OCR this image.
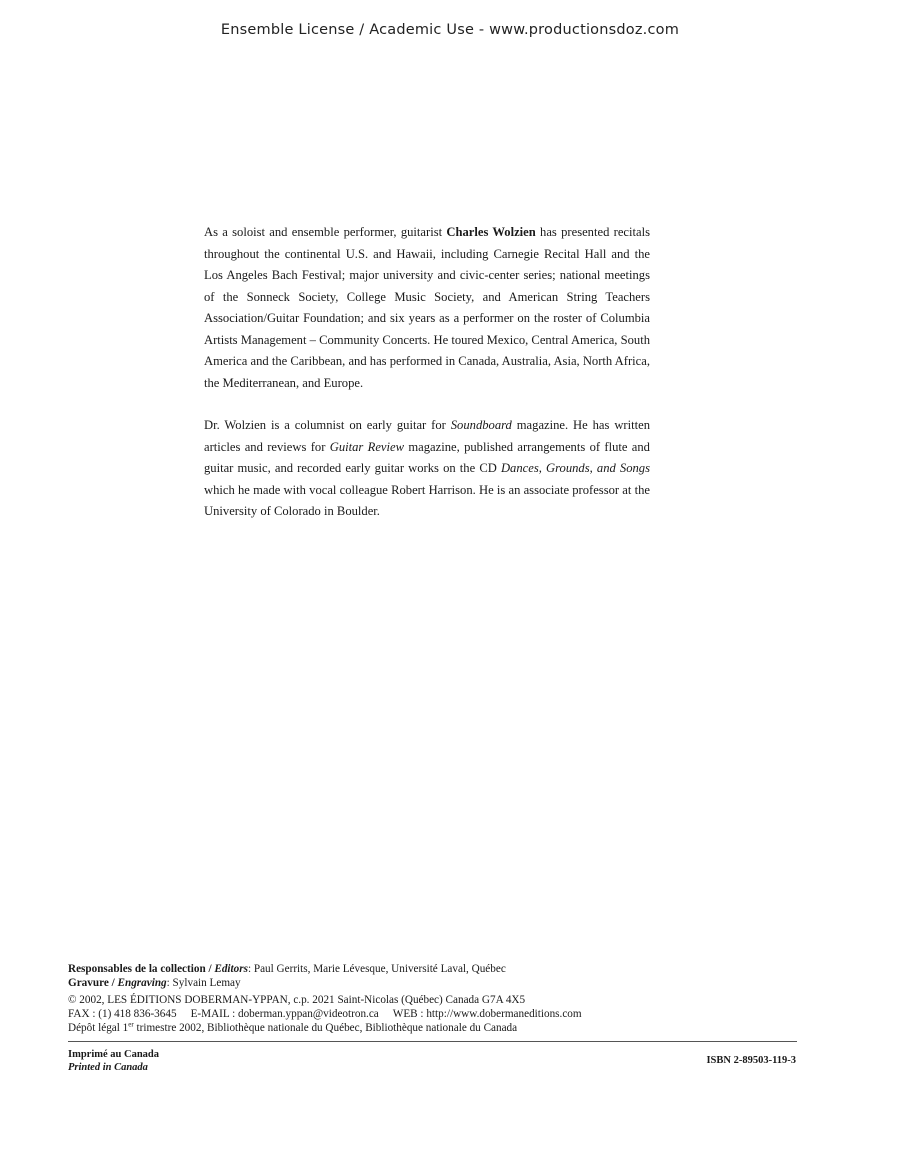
Ensemble License / Academic Use - www.productionsdoz.com

As a soloist and ensemble performer, guitarist Charles Wolzien has presented recitals throughout the continental U.S. and Hawaii, including Carnegie Recital Hall and the Los Angeles Bach Festival; major university and civic-center series; national meetings of the Sonneck Society, College Music Society, and American String Teachers Association/Guitar Foundation; and six years as a performer on the roster of Columbia Artists Management – Community Concerts. He toured Mexico, Central America, South America and the Caribbean, and has performed in Canada, Australia, Asia, North Africa, the Mediterranean, and Europe.

Dr. Wolzien is a columnist on early guitar for Soundboard magazine. He has written articles and reviews for Guitar Review magazine, published arrangements of flute and guitar music, and recorded early guitar works on the CD Dances, Grounds, and Songs which he made with vocal colleague Robert Harrison. He is an associate professor at the University of Colorado in Boulder.

Responsables de la collection / Editors: Paul Gerrits, Marie Lévesque, Université Laval, Québec
Gravure / Engraving: Sylvain Lemay
© 2002, LES ÉDITIONS DOBERMAN-YPPAN, c.p. 2021 Saint-Nicolas (Québec) Canada G7A 4X5
FAX : (1) 418 836-3645 E-MAIL : doberman.yppan@videotron.ca WEB : http://www.dobermaneditions.com
Dépôt légal 1er trimestre 2002, Bibliothèque nationale du Québec, Bibliothèque nationale du Canada
Imprimé au Canada
Printed in Canada
ISBN 2-89503-119-3
